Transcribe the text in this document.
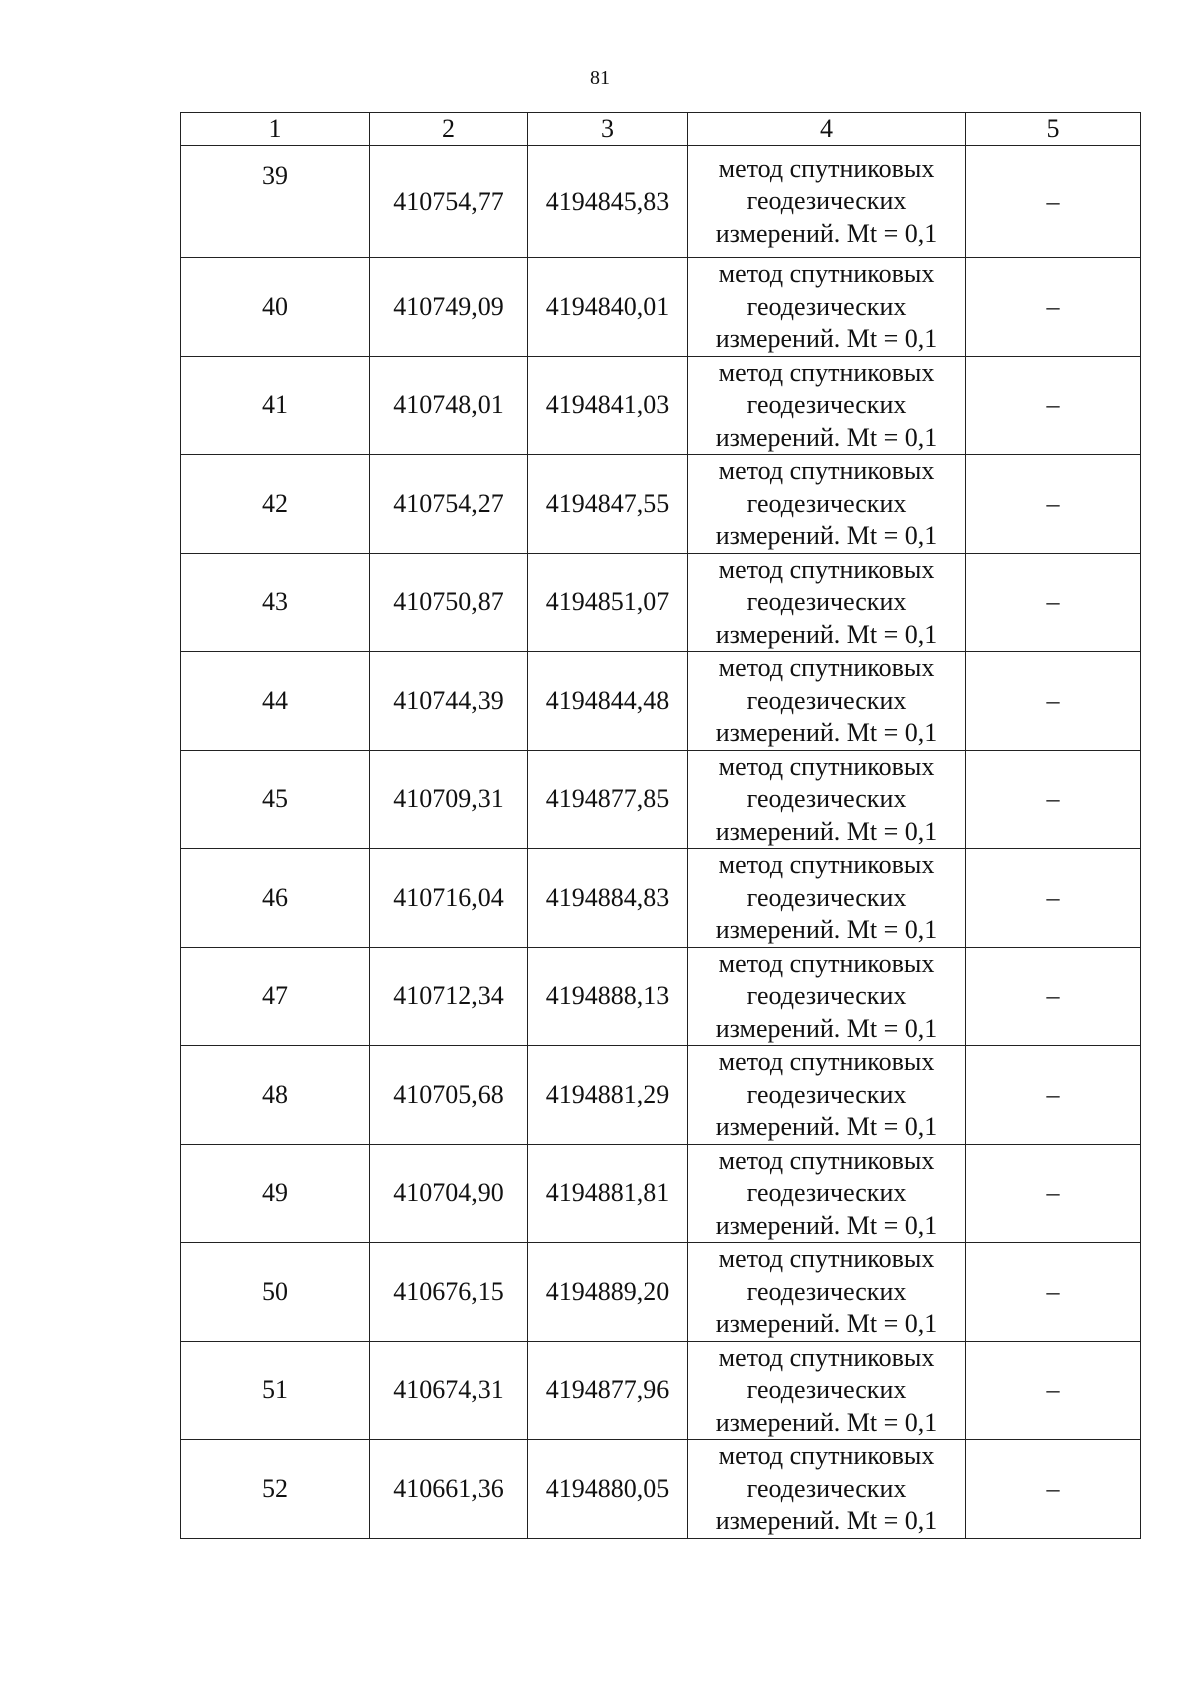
81
1	2	3	4	5
39	410754,77	4194845,83	метод спутниковых
геодезических
измерений. Mt = 0,1	–
40	410749,09	4194840,01	метод спутниковых
геодезических
измерений. Mt = 0,1	–
41	410748,01	4194841,03	метод спутниковых
геодезических
измерений. Mt = 0,1	–
42	410754,27	4194847,55	метод спутниковых
геодезических
измерений. Mt = 0,1	–
43	410750,87	4194851,07	метод спутниковых
геодезических
измерений. Mt = 0,1	–
44	410744,39	4194844,48	метод спутниковых
геодезических
измерений. Mt = 0,1	–
45	410709,31	4194877,85	метод спутниковых
геодезических
измерений. Mt = 0,1	–
46	410716,04	4194884,83	метод спутниковых
геодезических
измерений. Mt = 0,1	–
47	410712,34	4194888,13	метод спутниковых
геодезических
измерений. Mt = 0,1	–
48	410705,68	4194881,29	метод спутниковых
геодезических
измерений. Mt = 0,1	–
49	410704,90	4194881,81	метод спутниковых
геодезических
измерений. Mt = 0,1	–
50	410676,15	4194889,20	метод спутниковых
геодезических
измерений. Mt = 0,1	–
51	410674,31	4194877,96	метод спутниковых
геодезических
измерений. Mt = 0,1	–
52	410661,36	4194880,05	метод спутниковых
геодезических
измерений. Mt = 0,1	–
